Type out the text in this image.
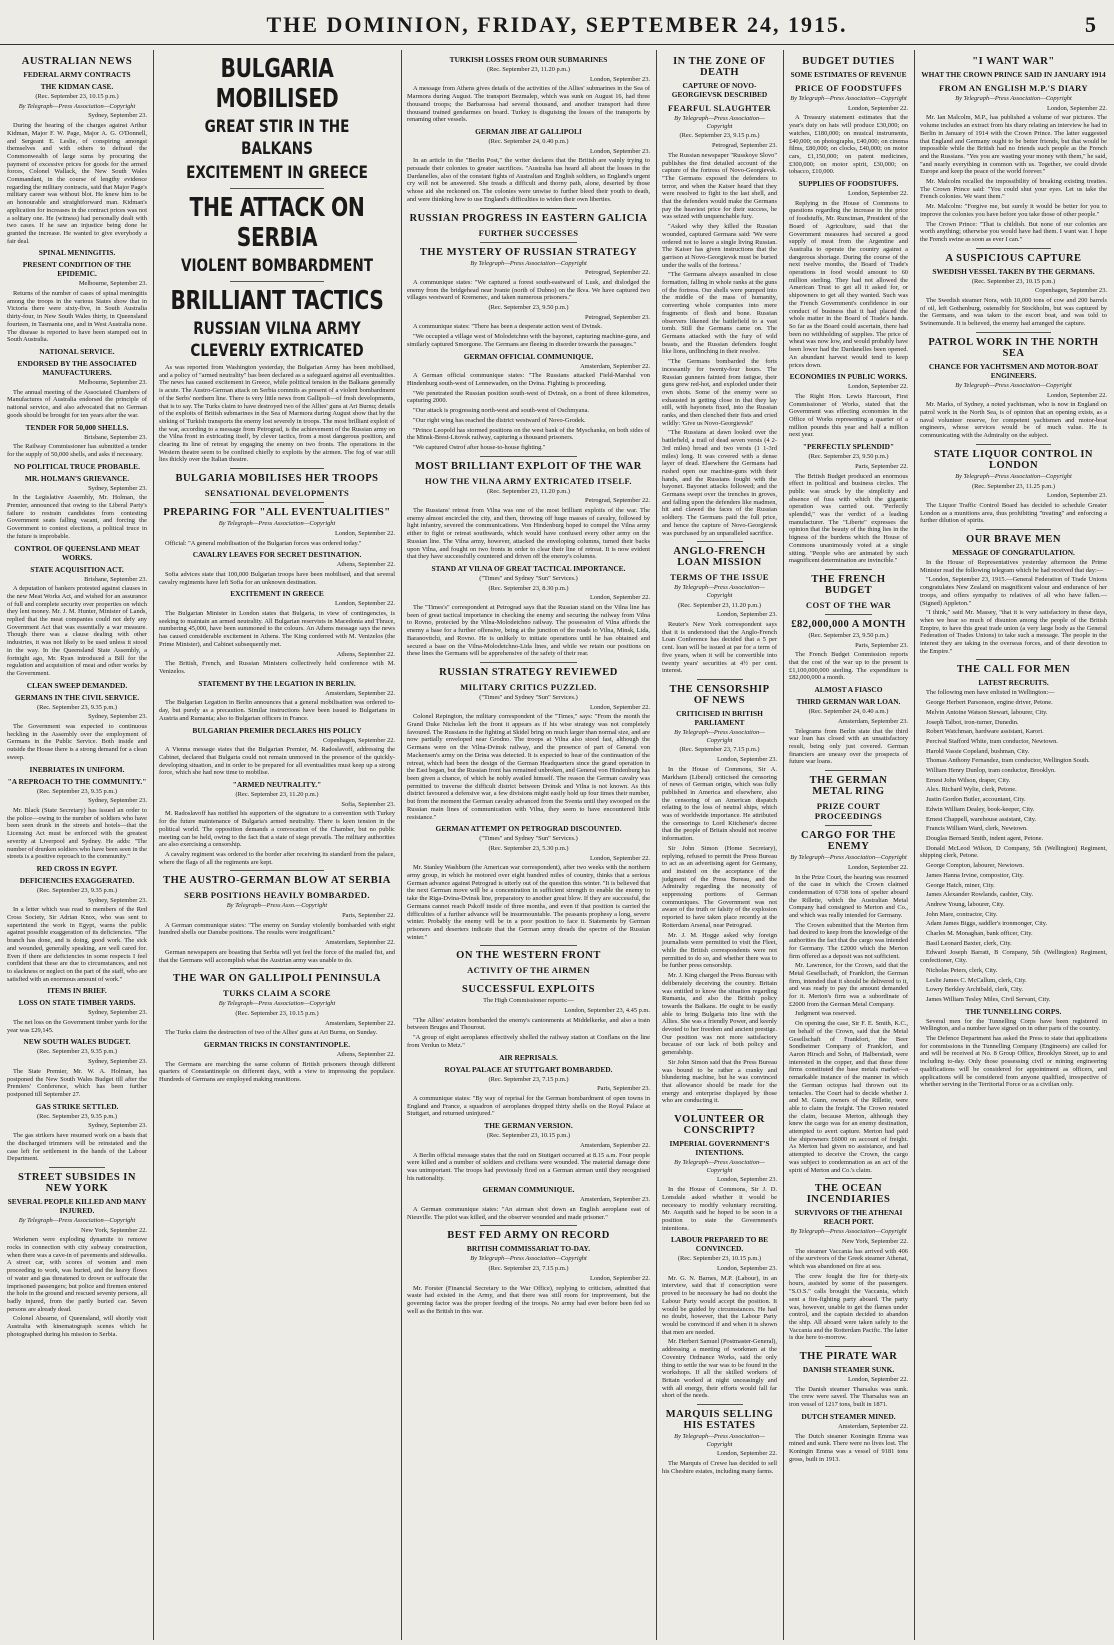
THE DOMINION, FRIDAY, SEPTEMBER 24, 1915.	5
AUSTRALIAN NEWS
FEDERAL ARMY CONTRACTS
THE KIDMAN CASE.

(Rec. September 23, 10.15 p.m.)

By Telegraph—Press Association—Copyright

Sydney, September 23.

During the hearing of the charges against Arthur Kidman, Major F. W. Page, Major A. G. O'Donnell, and Sergeant E. Leslie, of conspiring amongst themselves and with others to defraud the Commonwealth of large sums by procuring the payment of excessive prices for goods for the armed forces, Colonel Wallack, the New South Wales Commandant, in the course of lengthy evidence regarding the military contracts, said that Major Page's military career was without blot. He knew him to be an honourable and straightforward man. Kidman's application for increases in the contract prices was not a solitary one. He (witness) had personally dealt with two cases. If he saw an injustice being done he granted the increase. He wanted to give everybody a fair deal.

SPINAL MENINGITIS.
PRESENT CONDITION OF THE EPIDEMIC.

Melbourne, September 23.

Returns of the number of cases of spinal meningitis among the troops in the various States show that in Victoria there were sixty-five, in South Australia thirty-four, in New South Wales thirty, in Queensland fourteen, in Tasmania one, and in West Australia none. The disease is reported to have been stamped out in South Australia.

NATIONAL SERVICE.
ENDORSED BY THE ASSOCIATED MANUFACTURERS.

Melbourne, September 23.

The annual meeting of the Associated Chambers of Manufactures of Australia endorsed the principle of national service, and also advocated that no German goods should be brought for ten years after the war.

TENDER FOR 50,000 SHELLS.

Brisbane, September 23.

The Railway Commissioner has submitted a tender for the supply of 50,000 shells, and asks if necessary.

NO POLITICAL TRUCE PROBABLE.
MR. HOLMAN'S GRIEVANCE.

Sydney, September 23.

In the Legislative Assembly, Mr. Holman, the Premier, announced that owing to the Liberal Party's failure to restrain candidates from contesting Government seats falling vacant, and forcing the Government to contest elections, a political truce in the future is improbable.

CONTROL OF QUEENSLAND MEAT WORKS.
STATE ACQUISITION ACT.

Brisbane, September 23.

A deputation of bankers protested against clauses in the new Meat Works Act, and wished for an assurance of full and complete security over properties on which they lent money. Mr. J. M. Hunter, Minister of Lands, replied that the meat companies could not defy any Government Act that was essentially a war measure. Though there was a clause dealing with other industries, it was not likely to be used unless it stood in the way. In the Queensland State Assembly, a fortnight ago, Mr. Ryan introduced a Bill for the regulation and acquisition of meat and other works by the Government.

CLEAN SWEEP DEMANDED.
GERMANS IN THE CIVIL SERVICE.

(Rec. September 23, 9.35 p.m.)

Sydney, September 23.

The Government was expected to continuous heckling in the Assembly over the employment of Germans in the Public Service. Both inside and outside the House there is a strong demand for a clean sweep.

INEBRIATES IN UNIFORM.
"A REPROACH TO THE COMMUNITY."

(Rec. September 23, 9.35 p.m.)

Sydney, September 23.

Mr. Black (State Secretary) has issued an order to the police—owing to the number of soldiers who have been seen drunk in the streets and hotels—that the Licensing Act must be enforced with the greatest severity at Liverpool and Sydney. He adds: "The number of drunken soldiers who have been seen in the streets is a positive reproach to the community."

RED CROSS IN EGYPT.
DEFICIENCIES EXAGGERATED.

(Rec. September 23, 9.35 p.m.)

Sydney, September 23.

In a letter which was read to members of the Red Cross Society, Sir Adrian Knox, who was sent to superintend the work in Egypt, warns the public against possible exaggeration of its deficiencies. "The branch has done, and is doing, good work. The sick and wounded, generally speaking, are well cared for. Even if there are deficiencies in some respects I feel confident that these are due to circumstances, and not to slackness or neglect on the part of the staff, who are satisfied with an enormous amount of work."

ITEMS IN BRIEF.
LOSS ON STATE TIMBER YARDS.

Sydney, September 23.

The net loss on the Government timber yards for the year was £29,145.

NEW SOUTH WALES BUDGET.

(Rec. September 23, 9.35 p.m.)

Sydney, September 23.

The State Premier, Mr. W. A. Holman, has postponed the New South Wales Budget till after the Premiers' Conference, which has been further postponed till September 27.

GAS STRIKE SETTLED.

(Rec. September 23, 9.35 p.m.)

Sydney, September 23.

The gas strikers have resumed work on a basis that the discharged trimmers will be reinstated and the case left for settlement in the hands of the Labour Department.

STREET SUBSIDES IN NEW YORK
SEVERAL PEOPLE KILLED AND MANY INJURED.

By Telegraph—Press Association—Copyright

New York, September 22.

Workmen were exploding dynamite to remove rocks in connection with city subway construction, when there was a cave-in of pavements and sidewalks. A street car, with scores of women and men proceeding to work, was buried, and the heavy flows of water and gas threatened to drown or suffocate the imprisoned passengers; but police and firemen entered the hole in the ground and rescued seventy persons, all badly injured, from the partly buried car. Seven persons are already dead.

Colonel Abearne, of Queensland, will shortly visit Australia with kinematograph scenes which he photographed during his mission to Serbia.

BULGARIA MOBILISED
GREAT STIR IN THE BALKANS
EXCITEMENT IN GREECE
THE ATTACK ON SERBIA
VIOLENT BOMBARDMENT
BRILLIANT TACTICS
RUSSIAN VILNA ARMY CLEVERLY EXTRICATED

As was reported from Washington yesterday, the Bulgarian Army has been mobilised, and a policy of "armed neutrality" has been declared as a safeguard against all eventualities. The news has caused excitement in Greece, while political tension in the Balkans generally is acute. The Austro-German attack on Serbia commits as present of a violent bombardment of the Serbs' northern line. There is very little news from Gallipoli—of fresh developments, that is to say. The Turks claim to have destroyed two of the Allies' guns at Ari Burnu; details of the exploits of British submarines in the Sea of Marmora during August show that by the sinking of Turkish transports the enemy lost severely in troops. The most brilliant exploit of the war, according to a message from Petrograd, is the achievement of the Russian army on the Vilna front in extricating itself, by clever tactics, from a most dangerous position, and clearing its line of retreat by engaging the enemy on two fronts. The operations in the Western theatre seem to be confined chiefly to exploits by the airmen. The fog of war still lies thickly over the Italian theatre.

BULGARIA MOBILISES HER TROOPS
SENSATIONAL DEVELOPMENTS
PREPARING FOR "ALL EVENTUALITIES"

By Telegraph—Press Association—Copyright

London, September 22.

Official: "A general mobilisation of the Bulgarian forces was ordered today."

CAVALRY LEAVES FOR SECRET DESTINATION.

Athens, September 22.

Sofia advices state that 100,000 Bulgarian troops have been mobilised, and that several cavalry regiments have left Sofia for an unknown destination.

EXCITEMENT IN GREECE

London, September 22.

The Bulgarian Minister in London states that Bulgaria, in view of contingencies, is seeking to maintain an armed neutrality. All Bulgarian reservists in Macedonia and Thrace, numbering 45,000, have been summoned to the colours. An Athens message says the news has caused considerable excitement in Athens. The King conferred with M. Venizelos (the Prime Minister), and Cabinet subsequently met.

Athens, September 22.

The British, French, and Russian Ministers collectively held conference with M. Venizelos.

STATEMENT BY THE LEGATION IN BERLIN.

Amsterdam, September 22.

The Bulgarian Legation in Berlin announces that a general mobilisation was ordered to-day, but purely as a precaution. Similar instructions have been issued to Bulgarians in Austria and Rumania; also to Bulgarian officers in France.

BULGARIAN PREMIER DECLARES HIS POLICY

Copenhagen, September 22.

A Vienna message states that the Bulgarian Premier, M. Radoslavoff, addressing the Cabinet, declared that Bulgaria could not remain unmoved in the presence of the quickly-developing situation, and in order to be prepared for all eventualities must keep up a strong force, which she had now time to mobilise.

"ARMED NEUTRALITY."

(Rec. September 23, 11.20 p.m.)

Sofia, September 23.

M. Radoslavoff has notified his supporters of the signature to a convention with Turkey for the future maintenance of Bulgaria's armed neutrality. There is keen tension in the political world. The opposition demands a convocation of the Chamber, but no public meeting can be held, owing to the fact that a state of siege prevails. The military authorities are also exercising a censorship.

A cavalry regiment was ordered to the border after receiving its standard from the palace, where the flags of all the regiments are kept.

THE AUSTRO-GERMAN BLOW AT SERBIA
SERB POSITIONS HEAVILY BOMBARDED.

By Telegraph—Press Assn.—Copyright

Paris, September 22.

A German communique states: "The enemy on Sunday violently bombarded with eight hundred shells our Danube positions. The results were insignificant."

Amsterdam, September 22.

German newspapers are boasting that Serbia will yet feel the force of the mailed fist, and that the Germans will accomplish what the Austrian army was unable to do.

THE WAR ON GALLIPOLI PENINSULA
TURKS CLAIM A SCORE

By Telegraph—Press Association—Copyright

(Rec. September 23, 10.15 p.m.)

Amsterdam, September 22.

The Turks claim the destruction of two of the Allies' guns at Ari Burnu, on Sunday.

GERMAN TRICKS IN CONSTANTINOPLE.

Athens, September 22.

The Germans are marching the same column of British prisoners through different quarters of Constantinople on different days, with a view to impressing the populace. Hundreds of Germans are employed making munitions.

TURKISH LOSSES FROM OUR SUBMARINES

(Rec. September 23, 11.20 p.m.)

London, September 23.

A message from Athens gives details of the activities of the Allies' submarines in the Sea of Marmora during August. The transport Bezmalep, which was sunk on August 16, had three thousand troops; the Barbarossa had several thousand, and another transport had three thousand trained gendarmes on board. Turkey is disguising the losses of the transports by renaming other vessels.

GERMAN JIBE AT GALLIPOLI

(Rec. September 24, 0.40 p.m.)

London, September 23.

In an article in the "Berlin Post," the writer declares that the British are vainly trying to persuade their colonies to greater sacrifices. "Australia has heard all about the losses in the Dardanelles, also of the constant fights of Australian and English soldiers, so England's urgent cry will not be answered. She treads a difficult and thorny path, alone, deserted by those whose aid she reckoned on. The colonies were unwise to further bleed their youth to death, and were thinking how to use England's difficulties to widen their own liberties.

RUSSIAN PROGRESS IN EASTERN GALICIA
FURTHER SUCCESSES
THE MYSTERY OF RUSSIAN STRATEGY

By Telegraph—Press Association—Copyright

Petrograd, September 22.

A communique states: "We captured a forest south-eastward of Lusk, and dislodged the enemy from the bridgehead near Ivanie (north of Dubno) on the Ikva. We have captured two villages westward of Kremenec, and taken numerous prisoners."

(Rec. September 23, 9.50 p.m.)

Petrograd, September 23.

A communique states: "There has been a desperate action west of Dvinsk.

"We occupied a village west of Molodetchno with the bayonet, capturing machine-guns, and similarly captured Smorgone. The Germans are fleeing in disorder towards the passages."

GERMAN OFFICIAL COMMUNIQUE.

Amsterdam, September 22.

A German official communique states: "The Russians attacked Field-Marshal von Hindenburg south-west of Lennewaden, on the Dvina. Fighting is proceeding.

"We penetrated the Russian position south-west of Dvinsk, on a front of three kilometres, capturing 2000.

"Our attack is progressing north-west and south-west of Oschmyana.

"Our right wing has reached the district westward of Novo-Grodek.

"Prince Leopold has stormed positions on the west bank of the Myschanka, on both sides of the Minsk-Brest-Litovsk railway, capturing a thousand prisoners.

"We captured Ostrof after house-to-house fighting."

MOST BRILLIANT EXPLOIT OF THE WAR
HOW THE VILNA ARMY EXTRICATED ITSELF.

(Rec. September 23, 11.20 p.m.)

Petrograd, September 22.

The Russians' retreat from Vilna was one of the most brilliant exploits of the war. The enemy almost encircled the city, and then, throwing off huge masses of cavalry, followed by light infantry, severed the communications. Von Hindenburg hoped to compel the Vilna army either to fight or retreat southwards, which would have confused every other army on the Russian line. The Vilna army, however, attacked the enveloping columns, turned their backs upon Vilna, and fought on two fronts in order to clear their line of retreat. It is now evident that they have successfully countered and driven off the enemy's columns.

STAND AT VILNA OF GREAT TACTICAL IMPORTANCE.

("Times" and Sydney "Sun" Services.)

(Rec. September 23, 8.30 p.m.)

London, September 22.

The "Times's" correspondent at Petrograd says that the Russian stand on the Vilna line has been of great tactical importance in checking the enemy and securing the railway from Vilna to Rovno, protected by the Vilna-Molodetchno railway. The possession of Vilna affords the enemy a base for a further offensive, being at the junction of the roads to Vilna, Minsk, Lida, Baranovitchi, and Rovno. He is unlikely to initiate operations until he has obtained and secured a base on the Vilna-Molodetchno-Lida lines, and while we retain our positions on these lines the Germans will be apprehensive of the safety of their rear.

RUSSIAN STRATEGY REVIEWED
MILITARY CRITICS PUZZLED.

("Times" and Sydney "Sun" Services.)

London, September 22.

Colonel Repington, the military correspondent of the "Times," says: "From the month the Grand Duke Nicholas left the front it appears as if his wise strategy was not completely favoured. The Russians in the fighting at Skidel bring on much larger than normal size, and are now partially enveloped near Grodno. The troops at Vilna also stood fast, although the Germans were on the Vilna-Dvinsk railway, and the presence of part of General von Mackensen's army on the Drina was detected. It is expected to hear of the continuation of the retreat, which had been the design of the German Headquarters since the grand operation in the East began, but the Russian front has remained unbroken, and General von Hindenburg has been given a chance, of which he nobly availed himself. The reason the German cavalry was permitted to traverse the difficult district between Dvinsk and Vilna is not known. As this district favoured a defensive war, a few divisions might easily hold up four times their number, but from the moment the German cavalry advanced from the Sventa until they swooped on the Russian main lines of communication with Vilna, they seem to have encountered little resistance."

GERMAN ATTEMPT ON PETROGRAD DISCOUNTED.

("Times" and Sydney "Sun" Services.)

(Rec. September 23, 5.30 p.m.)

London, September 22.

Mr. Stanley Washburn (the American war correspondent), after two weeks with the northern army group, in which he motored over eight hundred miles of country, thinks that a serious German advance against Petrograd is utterly out of the question this winter. "It is believed that the next German move will be a concentration in sufficient strength to enable the enemy to take the Riga-Dvina-Dvinsk line, preparatory to another great blow. If they are successful, the Germans cannot reach Pskoff inside of three months, and even if that position is carried the difficulties of a further advance will be insurmountable. The peasants prophesy a long, severe winter. Probably the enemy will be in a poor position to face it. Statements by German prisoners and deserters indicate that the German army dreads the spectre of the Russian winter."

ON THE WESTERN FRONT
ACTIVITY OF THE AIRMEN
SUCCESSFUL EXPLOITS

The High Commissioner reports:—

London, September 23, 4.45 p.m.

"The Allies' aviators bombarded the enemy's cantonments at Middelkerke, and also a train between Bruges and Thourout.

"A group of eight aeroplanes effectively shelled the railway station at Conflans on the line from Verdun to Metz."

AIR REPRISALS.
ROYAL PALACE AT STUTTGART BOMBARDED.

(Rec. September 23, 7.15 p.m.)

Paris, September 23.

A communique states: "By way of reprisal for the German bombardment of open towns in England and France, a squadron of aeroplanes dropped thirty shells on the Royal Palace at Stuttgart, and returned uninjured."

THE GERMAN VERSION.

(Rec. September 23, 10.15 p.m.)

Amsterdam, September 22.

A Berlin official message states that the raid on Stuttgart occurred at 8.15 a.m. Four people were killed and a number of soldiers and civilians were wounded. The material damage done was unimportant. The troops had previously fired on a German airman until they recognised his nationality.

GERMAN COMMUNIQUE.

Amsterdam, September 23.

A German communique states: "An airman shot down an English aeroplane east of Nieuville. The pilot was killed, and the observer wounded and made prisoner."

BEST FED ARMY ON RECORD
BRITISH COMMISSARIAT TO-DAY.

By Telegraph—Press Association—Copyright

(Rec. September 23, 7.15 p.m.)

London, September 22.

Mr. Forster (Financial Secretary to the War Office), replying to criticism, admitted that waste had existed in the Army, and that there was still room for improvement, but the governing factor was the proper feeding of the troops. No army had ever before been fed so well as the British in this war.

IN THE ZONE OF DEATH
CAPTURE OF NOVO-GEORGIEVSK DESCRIBED
FEARFUL SLAUGHTER

By Telegraph—Press Association—Copyright

(Rec. September 23, 9.15 p.m.)

Petrograd, September 23.

The Russian newspaper "Russkoye Slovo" publishes the first detailed account of the capture of the fortress of Novo-Georgievsk. "The Germans exposed the defenders to terror, and when the Kaiser heard that they were resolved to fight to the last shell, and that the defenders would make the Germans pay the heaviest price for their success, he was seized with unquenchable fury.

"Asked why they killed the Russian wounded, captured Germans said: 'We were ordered not to leave a single living Russian. The Kaiser has given instructions that the garrison at Novo-Georgievsk must be buried under the walls of the fortress.'

"The Germans always assaulted in close formation, falling in whole ranks at the guns of the fortress. Our shells were pumped into the middle of the mass of humanity, converting whole companies into mere fragments of flesh and bone. Russian observers likened the battlefield to a vast tomb. Still the Germans came on. The Germans attacked with the fury of wild beasts, and the Russian defenders fought like lions, unflinching in their resolve.

"The Germans bombarded the forts incessantly for twenty-four hours. The Russian gunners fainted from fatigue, their guns grew red-hot, and exploded under their own shots. Some of the enemy were so exhausted in getting close in that they lay still, with bayonets fixed, into the Russian ranks, and then clenched their fists and cried wildly: 'Give us Novo-Georgievsk!'

"The Russians at dawn looked over the battlefield, a trail of dead seven versts (4 2-3rd miles) broad and two versts (1 1-3rd miles) long. It was covered with a dense layer of dead. Elsewhere the Germans had rushed open our machine-guns with their hands, and the Russians fought with the bayonet. Bayonet attacks followed; and the Germans swept over the trenches in groves, and falling upon the defenders like madmen, hit and clawed the faces of the Russian soldiery. The Germans paid the full price, and hence the capture of Novo-Georgievsk was purchased by an unparalleled sacrifice.

ANGLO-FRENCH LOAN MISSION
TERMS OF THE ISSUE

By Telegraph—Press Association—Copyright

(Rec. September 23, 11.20 p.m.)

London, September 23.

Reuter's New York correspondent says that it is understood that the Anglo-French Loan Conference has decided that a 5 per cent. loan will be issued at par for a term of five years, when it will be convertible into twenty years' securities at 4½ per cent. interest.

THE CENSORSHIP OF NEWS
CRITICISED IN BRITISH PARLIAMENT

By Telegraph—Press Association—Copyright

(Rec. September 23, 7.15 p.m.)

London, September 23.

In the House of Commons, Sir A. Markham (Liberal) criticised the censoring of news of German origin, which was fully published in America and elsewhere, also the censoring of an American dispatch relating to the loss of neutral ships, which was of worldwide importance. He attributed the censorings to Lord Kitchener's decree that the people of Britain should not receive information.

Sir John Simon (Home Secretary), replying, refused to permit the Press Bureau to act as an advertising agent for Germany, and insisted on the acceptance of the judgment of the Press Bureau, and the Admiralty regarding the necessity of suppressing portions of German communiques. The Government was not aware of the truth or falsity of the explosion reported to have taken place recently at the Rotterdam Arsenal, near Petrograd.

Mr. J. M. Hogge asked why foreign journalists were permitted to visit the Fleet, while the British correspondents were not permitted to do so, and whether there was to be further press censorship.

Mr. J. King charged the Press Bureau with deliberately deceiving the country. Britain was entitled to know the situation regarding Rumania, and also the British policy towards the Balkans. He ought to be easily able to bring Bulgaria into line with the Allies. She was a friendly Power, and keenly devoted to her freedom and ancient prestige. Our position was not more satisfactory because of our lack of both policy and generalship.

Sir John Simon said that the Press Bureau was bound to be rather a cranky and blundering machine, but he was convinced that allowance should be made for the energy and enterprise displayed by those who are conducting it.

VOLUNTEER OR CONSCRIPT?
IMPERIAL GOVERNMENT'S INTENTIONS.

By Telegraph—Press Association—Copyright

London, September 23.

In the House of Commons, Sir J. D. Lonsdale asked whether it would be necessary to modify voluntary recruiting. Mr. Asquith said he hoped to be soon in a position to state the Government's intentions.

LABOUR PREPARED TO BE CONVINCED.

(Rec. September 23, 10.15 p.m.)

London, September 23.

Mr. G. N. Barnes, M.P. (Labour), in an interview, said that if conscription were proved to be necessary he had no doubt the Labour Party would accept the position. It would be guided by circumstances. He had no doubt, however, that the Labour Party would be convinced if and when it is shown that men are needed.

Mr. Herbert Samuel (Postmaster-General), addressing a meeting of workmen at the Coventry Ordnance Works, said the only thing to settle the war was to be found in the workshops. If all the skilled workers of Britain worked at night unceasingly and with all energy, their efforts would fall far short of the needs.

MARQUIS SELLING HIS ESTATES

By Telegraph—Press Association—Copyright

London, September 22.

The Marquis of Crewe has decided to sell his Cheshire estates, including many farms.

BUDGET DUTIES
SOME ESTIMATES OF REVENUE
PRICE OF FOODSTUFFS

By Telegraph—Press Association—Copyright

London, September 22.

A Treasury statement estimates that the year's duty on hats will produce £30,000; on watches, £180,000; on musical instruments, £40,000; on photographs, £40,000; on cinema films, £80,000; on clocks, £40,000; on motor cars, £1,150,000; on patent medicines, £300,000; on motor spirit, £30,000; on tobacco, £10,000.

SUPPLIES OF FOODSTUFFS.

London, September 22.

Replying in the House of Commons to questions regarding the increase in the price of foodstuffs, Mr. Runciman, President of the Board of Agriculture, said that the Government measures had secured a good supply of meat from the Argentine and Australia to operate the country against a dangerous shortage. During the course of the next twelve months, the Board of Trade's operations in food would amount to 60 million sterling. They had not allowed the American Trust to get all it asked for, or shipowners to get all they wanted. Such was the French Government's confidence in our conduct of business that it had placed the whole matter in the Board of Trade's hands. So far as the Board could ascertain, there had been no withholding of supplies. The price of wheat was now low, and would probably have been lower had the Dardanelles been opened. An abundant harvest would tend to keep prices down.

ECONOMIES IN PUBLIC WORKS.

London, September 22.

The Right Hon. Lewis Harcourt, First Commissioner of Works, stated that the Government was effecting economies in the Office of Works representing a quarter of a million pounds this year and half a million next year.

"PERFECTLY SPLENDID"

(Rec. September 23, 9.50 p.m.)

Paris, September 22.

The British Budget produced an enormous effect in political and business circles. The public was struck by the simplicity and absence of fuss with which the gigantic operation was carried out. "Perfectly splendid," was the verdict of a leading manufacturer. The "Liberte" expresses the opinion that the beauty of the thing lies in the bigness of the burdens which the House of Commons unanimously voted at a single sitting. "People who are animated by such magnificent determination are invincible."

THE FRENCH BUDGET
COST OF THE WAR
£82,000,000 A MONTH

(Rec. September 23, 9.50 p.m.)

Paris, September 23.

The French Budget Commission reports that the cost of the war up to the present is £1,100,000,000 sterling. The expenditure is £82,000,000 a month.

ALMOST A FIASCO
THIRD GERMAN WAR LOAN.

(Rec. September 24, 0.40 a.m.)

Amsterdam, September 23.

Telegrams from Berlin state that the third war loan has closed with an unsatisfactory result, being only just covered. German financiers are uneasy over the prospects of future war loans.

THE GERMAN METAL RING
PRIZE COURT PROCEEDINGS
CARGO FOR THE ENEMY

By Telegraph—Press Association—Copyright

London, September 22.

In the Prize Court, the hearing was resumed of the case in which the Crown claimed condemnation of 6738 tons of spelter aboard the Rilletie, which the Australian Metal Company had consigned to Merton and Co., and which was really intended for Germany.

The Crown submitted that the Merton firm had desired to keep from the knowledge of the authorities the fact that the cargo was intended for Germany. The £2000 which the Merton firm offered as a deposit was not sufficient.

Mr. Lawrence, for the Crown, said that the Metal Gesellschaft, of Frankfort, the German firm, intended that it should be delivered to it, and was ready to pay the amount demanded for it. Merton's firm was a subordinate of £2000 from the German Metal Company.

Judgment was reserved.

On opening the case, Sir F. E. Smith, K.C., on behalf of the Crown, said that the Metal Gesellschaft of Frankfort, the Beer Sondheimer Company of Frankfort, and Aaron Hirsch and Sohn, of Halberstadt, were interested in the copper, and that these three firms constituted the base metals market—a remarkable instance of the manner in which the German octopus had thrown out its tentacles. The Court had to decide whether J. and M. Gunn, owners of the Rilletie, were able to claim the freight. The Crown resisted the claim, because Merton, although they knew the cargo was for an enemy destination, attempted to avert capture. Merton had paid the shipowners £6000 on account of freight. As Merton had given no assistance, and had attempted to deceive the Crown, the cargo was subject to condemnation as an act of the spirit of Merton and Co.'s claim.

THE OCEAN INCENDIARIES
SURVIVORS OF THE ATHENAI REACH PORT.

By Telegraph—Press Association—Copyright

New York, September 22.

The steamer Vaccania has arrived with 406 of the survivors of the Greek steamer Athenai, which was abandoned on fire at sea.

The crew fought the fire for thirty-six hours, assisted by some of the passengers. "S.O.S." calls brought the Vaccania, which sent a fire-fighting party aboard. The party was, however, unable to get the flames under control, and the captain decided to abandon the ship. All aboard were taken safely to the Vaccania and the Rotterdam Pacific. The latter is due here to-morrow.

THE PIRATE WAR
DANISH STEAMER SUNK.

London, September 22.

The Danish steamer Tharsalus was sunk. The crew were saved. The Tharsalus was an iron vessel of 1217 tons, built in 1871.

DUTCH STEAMER MINED.

Amsterdam, September 22.

The Dutch steamer Koningin Emma was mined and sunk. There were no lives lost. The Koningin Emma was a vessel of 9181 tons gross, built in 1913.

"I WANT WAR"
WHAT THE CROWN PRINCE SAID IN JANUARY 1914
FROM AN ENGLISH M.P.'S DIARY

By Telegraph—Press Association—Copyright

London, September 22.

Mr. Ian Malcolm, M.P., has published a volume of war pictures. The volume includes an extract from his diary relating an interview he had in Berlin in January of 1914 with the Crown Prince. The latter suggested that England and Germany ought to be better friends, but that would be impossible while the British had no friends such people as the French and the Russians. "Yes you are wasting your money with them," he said, "and nearly everything in common with us. Together, we could divide Europe and keep the peace of the world forever."

Mr. Malcolm recalled the impossibility of breaking existing treaties. The Crown Prince said: "You could shut your eyes. Let us take the French colonies. We want them."

Mr. Malcolm: "Forgive me, but surely it would be better for you to improve the colonies you have before you take those of other people."

The Crown Prince: "That is childish. But none of our colonies are worth anything; otherwise you would have had them. I want war. I hope the French swine as soon as ever I can."

A SUSPICIOUS CAPTURE
SWEDISH VESSEL TAKEN BY THE GERMANS.

(Rec. September 23, 10.15 p.m.)

Copenhagen, September 23.

The Swedish steamer Nora, with 10,000 tons of cow and 200 barrels of oil, left Gothenburg, ostensibly for Stockholm, but was captured by the Germans, and was taken to the escort boat, and was told to Swinemunde. It is believed, the enemy had arranged the capture.

PATROL WORK IN THE NORTH SEA
CHANCE FOR YACHTSMEN AND MOTOR-BOAT ENGINEERS.

By Telegraph—Press Association—Copyright

London, September 22.

Mr. Marks, of Sydney, a noted yachtsman, who is now in England on patrol work in the North Sea, is of opinion that an opening exists, as a naval volunteer reserve, for competent yachtsmen and motor-boat engineers, whose services would be of much value. He is communicating with the Admiralty on the subject.

STATE LIQUOR CONTROL IN LONDON

By Telegraph—Press Association—Copyright

(Rec. September 23, 11.25 p.m.)

London, September 23.

The Liquor Traffic Control Board has decided to schedule Greater London as a munitions area, thus prohibiting "treating" and enforcing a further dilution of spirits.

OUR BRAVE MEN
MESSAGE OF CONGRATULATION.

In the House of Representatives yesterday afternoon the Prime Minister read the following telegram which he had received that day:—

"London, September 23, 1915.—General Federation of Trade Unions congratulates New Zealand on magnificent valour and endurance of her troops, and offers sympathy to relatives of all who have fallen.—(Signed) Appleton."

"I think," said Mr. Massey, "that it is very satisfactory in these days, when we hear so much of disunion among the people of the British Empire, to have this great trade union (a very large body as the General Federation of Trades Unions) to take such a message. The people in the interest they are taking in the overseas forces, and of their devotion to the Empire."

THE CALL FOR MEN
LATEST RECRUITS.

The following men have enlisted in Wellington:—

George Herbert Parsonson, engine driver, Petone.

Melvin Antoine Watson Stewart, labourer, City.

Joseph Talbot, iron-turner, Dunedin.

Robert Watchman, hardware assistant, Karori.

Percival Stafford White, tram conductor, Newtown.

Harold Vassie Copeland, bushman, City.

Thomas Anthony Fernandez, tram conductor, Wellington South.

William Henry Dunlop, tram conductor, Brooklyn.

Ernest John Wilson, draper, City.

Alex. Richard Wylie, clerk, Petone.

Justin Gordon Butler, accountant, City.

Edwin William Dealey, book-keeper, City.

Ernest Chappell, warehouse assistant, City.

Francis William Ward, clerk, Newtown.

Douglas Bernard Smith, indent agent, Petone.

Donald McLeod Wilson, D Company, 5th (Wellington) Regiment, shipping clerk, Petone.

George Compton, labourer, Newtown.

James Hanna Irvine, compositor, City.

George Hatch, miner, City.

James Alexander Rowlands, cashier, City.

Andrew Young, labourer, City.

John Mare, contractor, City.

Adam James Biggs, saddler's ironmonger, City.

Charles M. Monaghan, bank officer, City.

Basil Leonard Baxter, clerk, City.

Edward Joseph Barratt, B Company, 5th (Wellington) Regiment, confectioner, City.

Nicholas Peters, clerk, City.

Leslie James C. McCallum, clerk, City.

Lowry Berkley Archibald, clerk, City.

James William Tesley Miles, Civil Servant, City.

THE TUNNELLING CORPS.

Several men for the Tunnelling Corps have been registered in Wellington, and a number have signed on in other parts of the country.

The Defence Department has asked the Press to state that applications for commissions in the Tunnelling Company (Engineers) are called for and will be received at No. 8 Group Office, Brooklyn Street, up to and including to-day. Only those possessing civil or mining engineering qualifications will be considered for appointment as officers, and applications will be considered from anyone qualified, irrespective of whether serving in the Territorial Force or as a civilian only.
